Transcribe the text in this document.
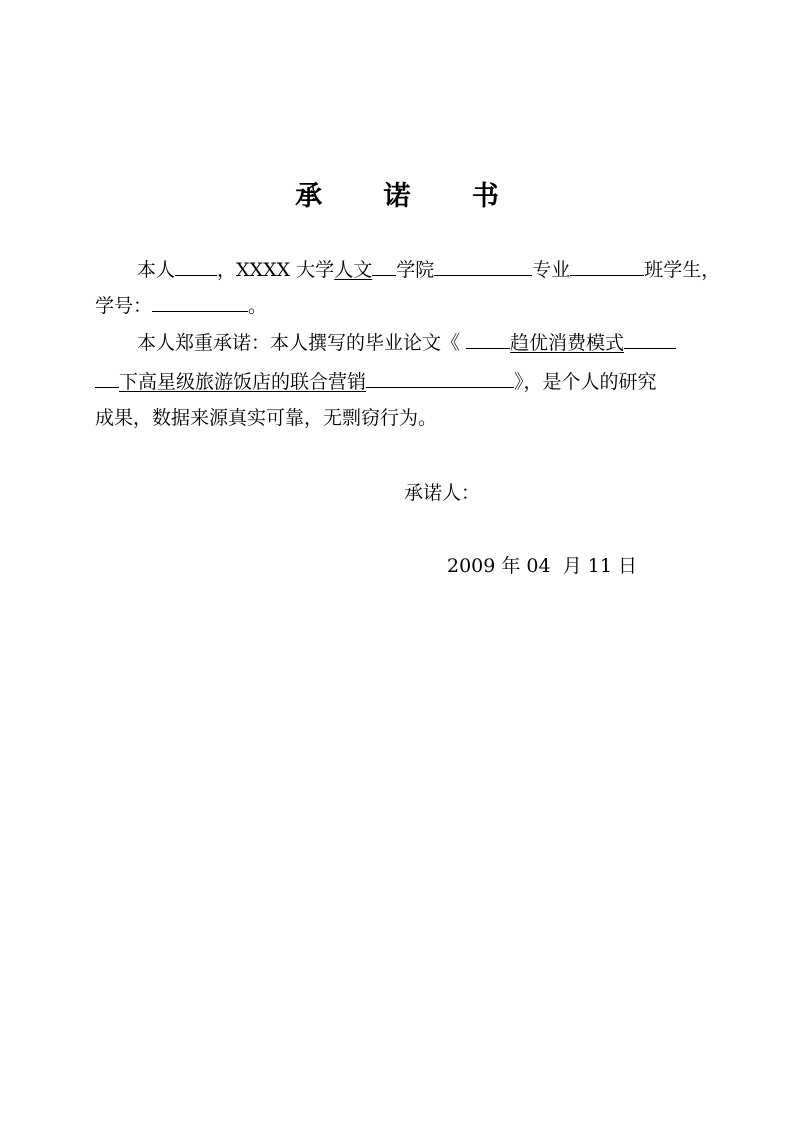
承 诺 书
本人 ，XXXX 大学人文 学院	专业	班学生，
学号：	。
本人郑重承诺：本人撰写的毕业论文《	趋优消费模式
下高星级旅游饭店的联合营销	》，是个人的研究
成果，数据来源真实可靠，无剽窃行为。
承诺人：
2009 年 04  月 11 日
